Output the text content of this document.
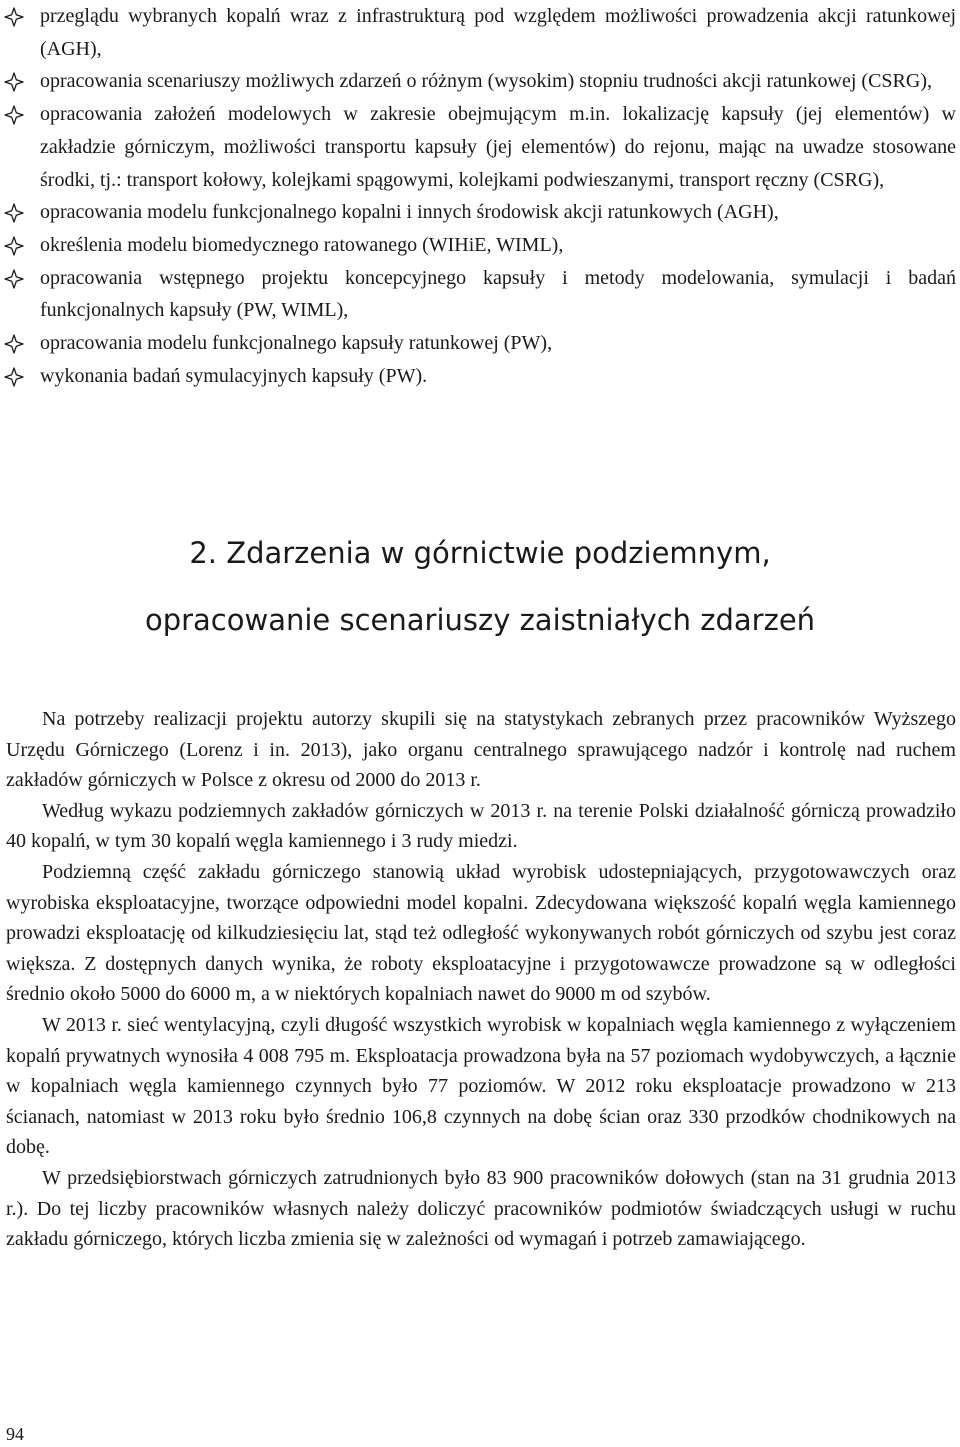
przeglądu wybranych kopalń wraz z infrastrukturą pod względem możliwości prowadzenia akcji ratunkowej (AGH),
opracowania scenariuszy możliwych zdarzeń o różnym (wysokim) stopniu trudności akcji ratunkowej (CSRG),
opracowania założeń modelowych w zakresie obejmującym m.in. lokalizację kapsuły (jej elementów) w zakładzie górniczym, możliwości transportu kapsuły (jej elementów) do rejonu, mając na uwadze stosowane środki, tj.: transport kołowy, kolejkami spągowymi, kolejkami podwieszanymi, transport ręczny (CSRG),
opracowania modelu funkcjonalnego kopalni i innych środowisk akcji ratunkowych (AGH),
określenia modelu biomedycznego ratowanego (WIHiE, WIML),
opracowania wstępnego projektu koncepcyjnego kapsuły i metody modelowania, symulacji i badań funkcjonalnych kapsuły (PW, WIML),
opracowania modelu funkcjonalnego kapsuły ratunkowej (PW),
wykonania badań symulacyjnych kapsuły (PW).
2. Zdarzenia w górnictwie podziemnym,
opracowanie scenariuszy zaistniałych zdarzeń

Na potrzeby realizacji projektu autorzy skupili się na statystykach zebranych przez pracowników Wyższego Urzędu Górniczego (Lorenz i in. 2013), jako organu centralnego sprawującego nadzór i kontrolę nad ruchem zakładów górniczych w Polsce z okresu od 2000 do 2013 r.

Według wykazu podziemnych zakładów górniczych w 2013 r. na terenie Polski działalność górniczą prowadziło 40 kopalń, w tym 30 kopalń węgla kamiennego i 3 rudy miedzi.

Podziemną część zakładu górniczego stanowią układ wyrobisk udostepniających, przygotowawczych oraz wyrobiska eksploatacyjne, tworzące odpowiedni model kopalni. Zdecydowana większość kopalń węgla kamiennego prowadzi eksploatację od kilkudziesięciu lat, stąd też odległość wykonywanych robót górniczych od szybu jest coraz większa. Z dostępnych danych wynika, że roboty eksploatacyjne i przygotowawcze prowadzone są w odległości średnio około 5000 do 6000 m, a w niektórych kopalniach nawet do 9000 m od szybów.

W 2013 r. sieć wentylacyjną, czyli długość wszystkich wyrobisk w kopalniach węgla kamiennego z wyłączeniem kopalń prywatnych wynosiła 4 008 795 m. Eksploatacja prowadzona była na 57 poziomach wydobywczych, a łącznie w kopalniach węgla kamiennego czynnych było 77 poziomów. W 2012 roku eksploatacje prowadzono w 213 ścianach, natomiast w 2013 roku było średnio 106,8 czynnych na dobę ścian oraz 330 przodków chodnikowych na dobę.

W przedsiębiorstwach górniczych zatrudnionych było 83 900 pracowników dołowych (stan na 31 grudnia 2013 r.). Do tej liczby pracowników własnych należy doliczyć pracowników podmiotów świadczących usługi w ruchu zakładu górniczego, których liczba zmienia się w zależności od wymagań i potrzeb zamawiającego.

94
